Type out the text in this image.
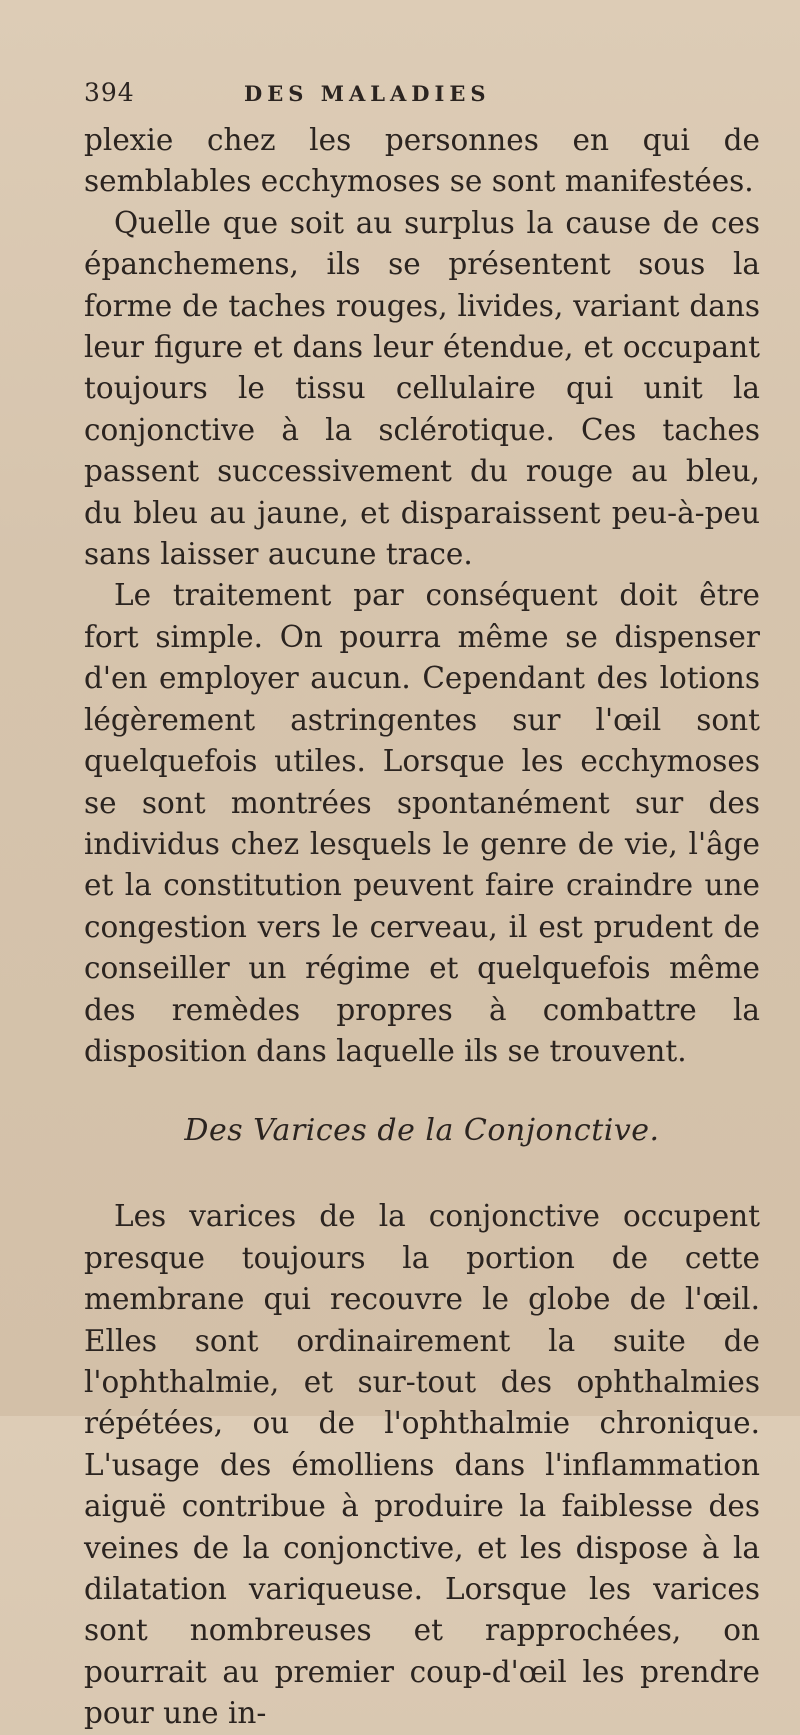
394	DES MALADIES

plexie chez les personnes en qui de semblables ecchymoses se sont manifestées.

Quelle que soit au surplus la cause de ces épanchemens, ils se présentent sous la forme de taches rouges, livides, variant dans leur figure et dans leur étendue, et occupant toujours le tissu cellulaire qui unit la conjonctive à la sclérotique. Ces taches passent successivement du rouge au bleu, du bleu au jaune, et disparaissent peu-à-peu sans laisser aucune trace.

Le traitement par conséquent doit être fort simple. On pourra même se dispenser d'en employer aucun. Cependant des lotions légèrement astringentes sur l'œil sont quelquefois utiles. Lorsque les ecchymoses se sont montrées spontanément sur des individus chez lesquels le genre de vie, l'âge et la constitution peuvent faire craindre une congestion vers le cerveau, il est prudent de conseiller un régime et quelquefois même des remèdes propres à combattre la disposition dans laquelle ils se trouvent.

Des Varices de la Conjonctive.

Les varices de la conjonctive occupent presque toujours la portion de cette membrane qui recouvre le globe de l'œil. Elles sont ordinairement la suite de l'ophthalmie, et sur-tout des ophthalmies répétées, ou de l'ophthalmie chronique. L'usage des émolliens dans l'inflammation aiguë contribue à produire la faiblesse des veines de la conjonctive, et les dispose à la dilatation variqueuse. Lorsque les varices sont nombreuses et rapprochées, on pourrait au premier coup-d'œil les prendre pour une in-
